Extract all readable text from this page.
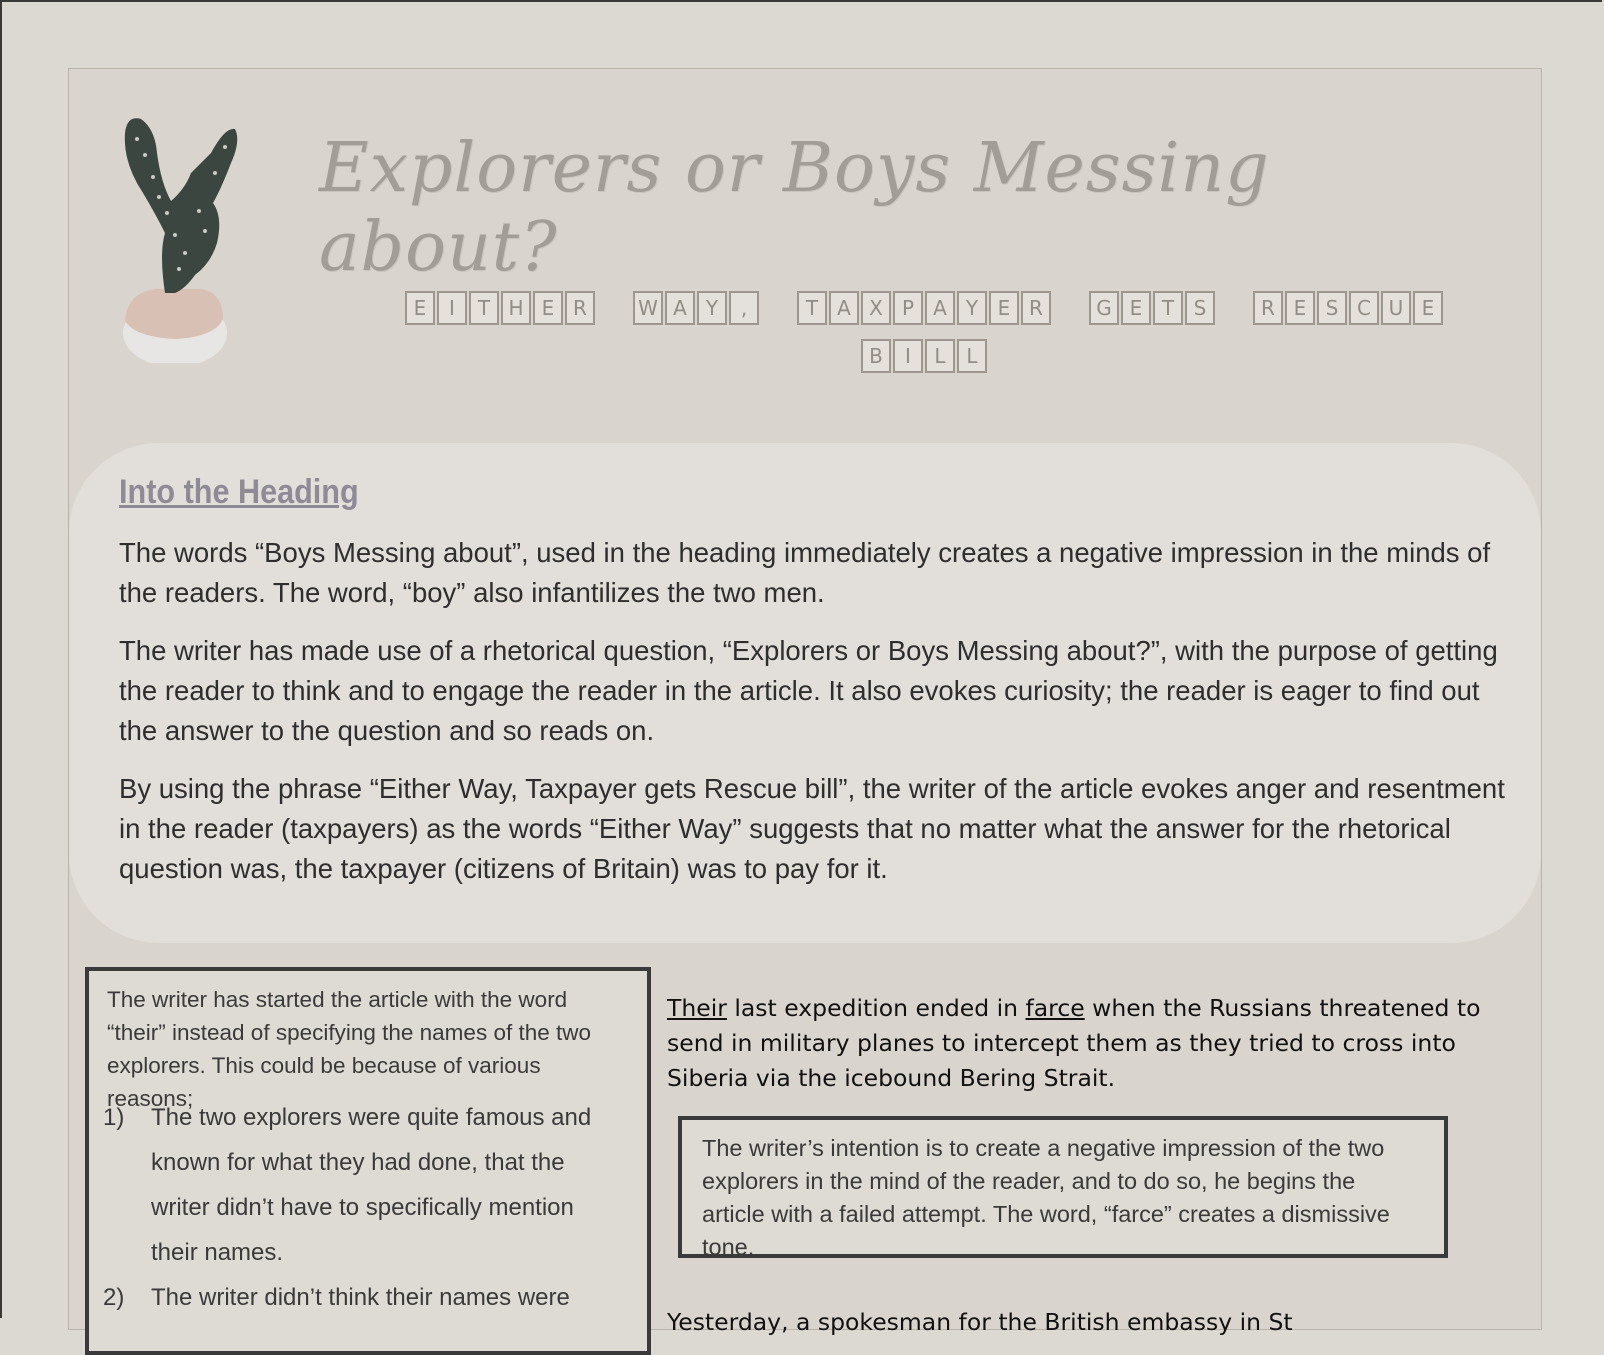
Explorers or Boys Messing about?
E I T H E R	W A Y ,	T A X P A Y E R	G E T S	R E S C U E
B I L L
Into the Heading

The words “Boys Messing about”, used in the heading immediately creates a negative impression in the minds of the readers. The word, “boy” also infantilizes the two men.

The writer has made use of a rhetorical question, “Explorers or Boys Messing about?”, with the purpose of getting the reader to think and to engage the reader in the article. It also evokes curiosity; the reader is eager to find out the answer to the question and so reads on.

By using the phrase “Either Way, Taxpayer gets Rescue bill”, the writer of the article evokes anger and resentment in the reader (taxpayers) as the words “Either Way” suggests that no matter what the answer for the rhetorical question was, the taxpayer (citizens of Britain) was to pay for it.

The writer has started the article with the word “their” instead of specifying the names of the two explorers. This could be because of various reasons;

1) The two explorers were quite famous and known for what they had done, that the writer didn’t have to specifically mention their names.
2) The writer didn’t think their names were

Their last expedition ended in farce when the Russians threatened to send in military planes to intercept them as they tried to cross into Siberia via the icebound Bering Strait.

The writer’s intention is to create a negative impression of the two explorers in the mind of the reader, and to do so, he begins the article with a failed attempt. The word, “farce” creates a dismissive tone.
Yesterday, a spokesman for the British embassy in St
